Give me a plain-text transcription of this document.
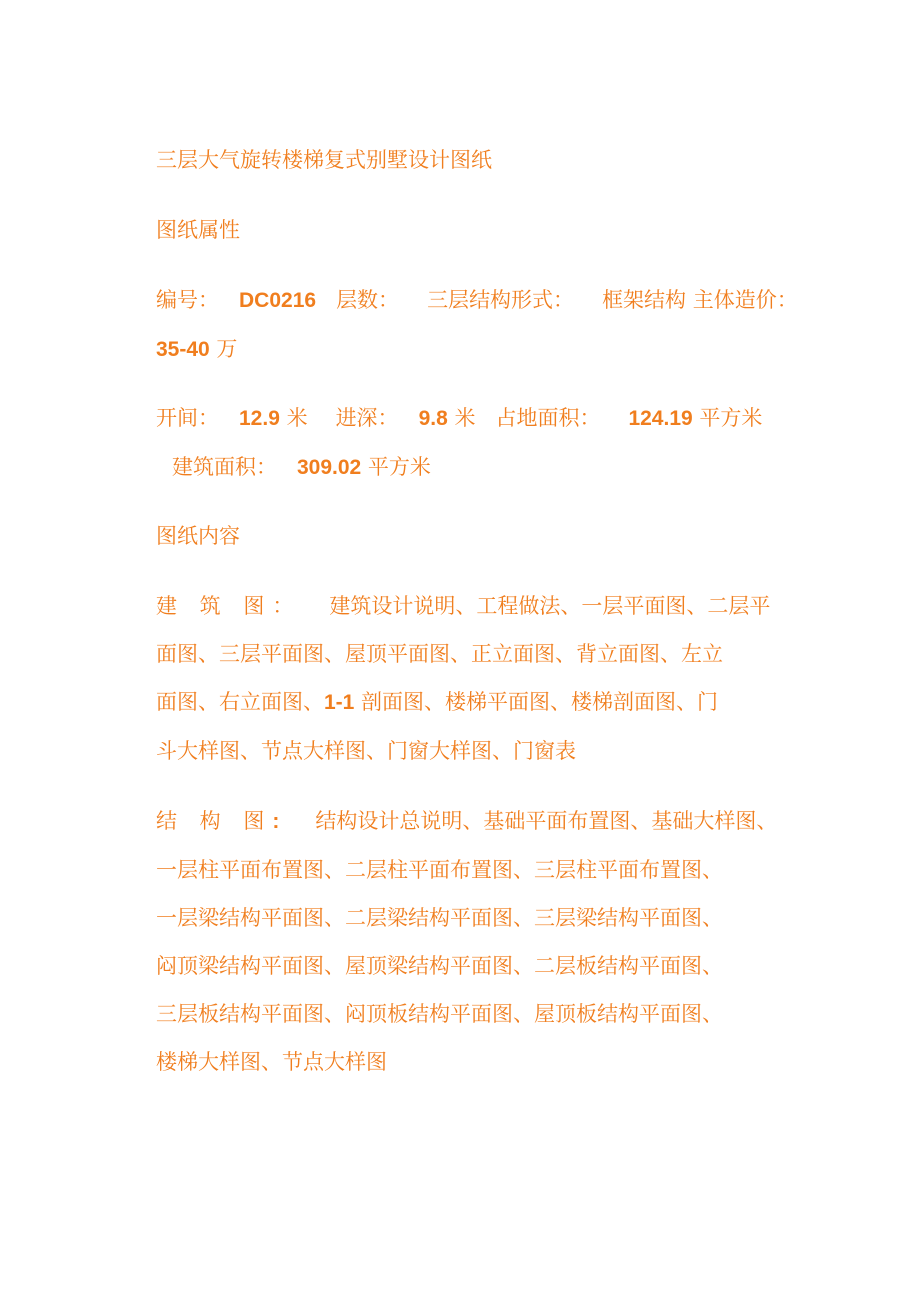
三层大气旋转楼梯复式别墅设计图纸

图纸属性

编号： DC0216 层数： 三层结构形式： 框架结构 主体造价：
35-40 万
开间： 12.9 米 进深： 9.8 米 占地面积： 124.19 平方米
建筑面积： 309.02 平方米

图纸内容

建 筑 图： 建筑设计说明、工程做法、一层平面图、二层平
面图、三层平面图、屋顶平面图、正立面图、背立面图、左立
面图、右立面图、1-1 剖面图、楼梯平面图、楼梯剖面图、门
斗大样图、节点大样图、门窗大样图、门窗表
结 构 图: 结构设计总说明、基础平面布置图、基础大样图、
一层柱平面布置图、二层柱平面布置图、三层柱平面布置图、
一层梁结构平面图、二层梁结构平面图、三层梁结构平面图、
闷顶梁结构平面图、屋顶梁结构平面图、二层板结构平面图、
三层板结构平面图、闷顶板结构平面图、屋顶板结构平面图、
楼梯大样图、节点大样图
